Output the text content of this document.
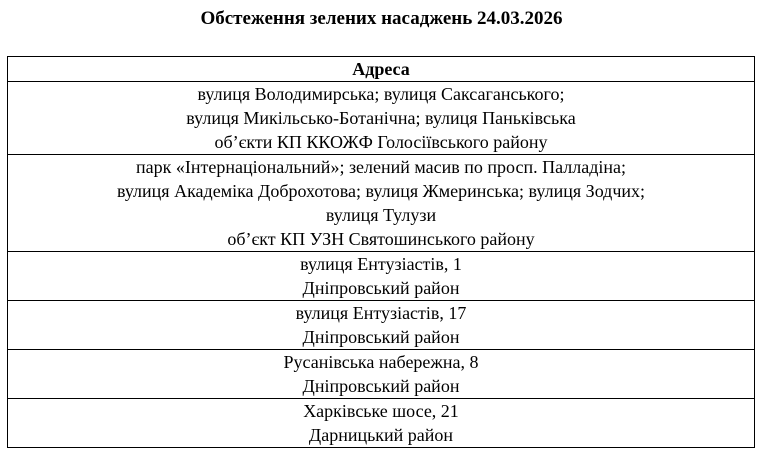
Обстеження зелених насаджень 24.03.2026
Адреса

вулиця Володимирська; вулиця Саксаганського;
вулиця Микільсько-Ботанічна; вулиця Паньківська
об’єкти КП ККОЖФ Голосіївського району

парк «Інтернаціональний»; зелений масив по просп. Палладіна;
вулиця Академіка Доброхотова; вулиця Жмеринська; вулиця Зодчих;
вулиця Тулузи
об’єкт КП УЗН Святошинського району

вулиця Ентузіастів, 1
Дніпровський район

вулиця Ентузіастів, 17
Дніпровський район

Русанівська набережна, 8
Дніпровський район

Харківське шосе, 21
Дарницький район
